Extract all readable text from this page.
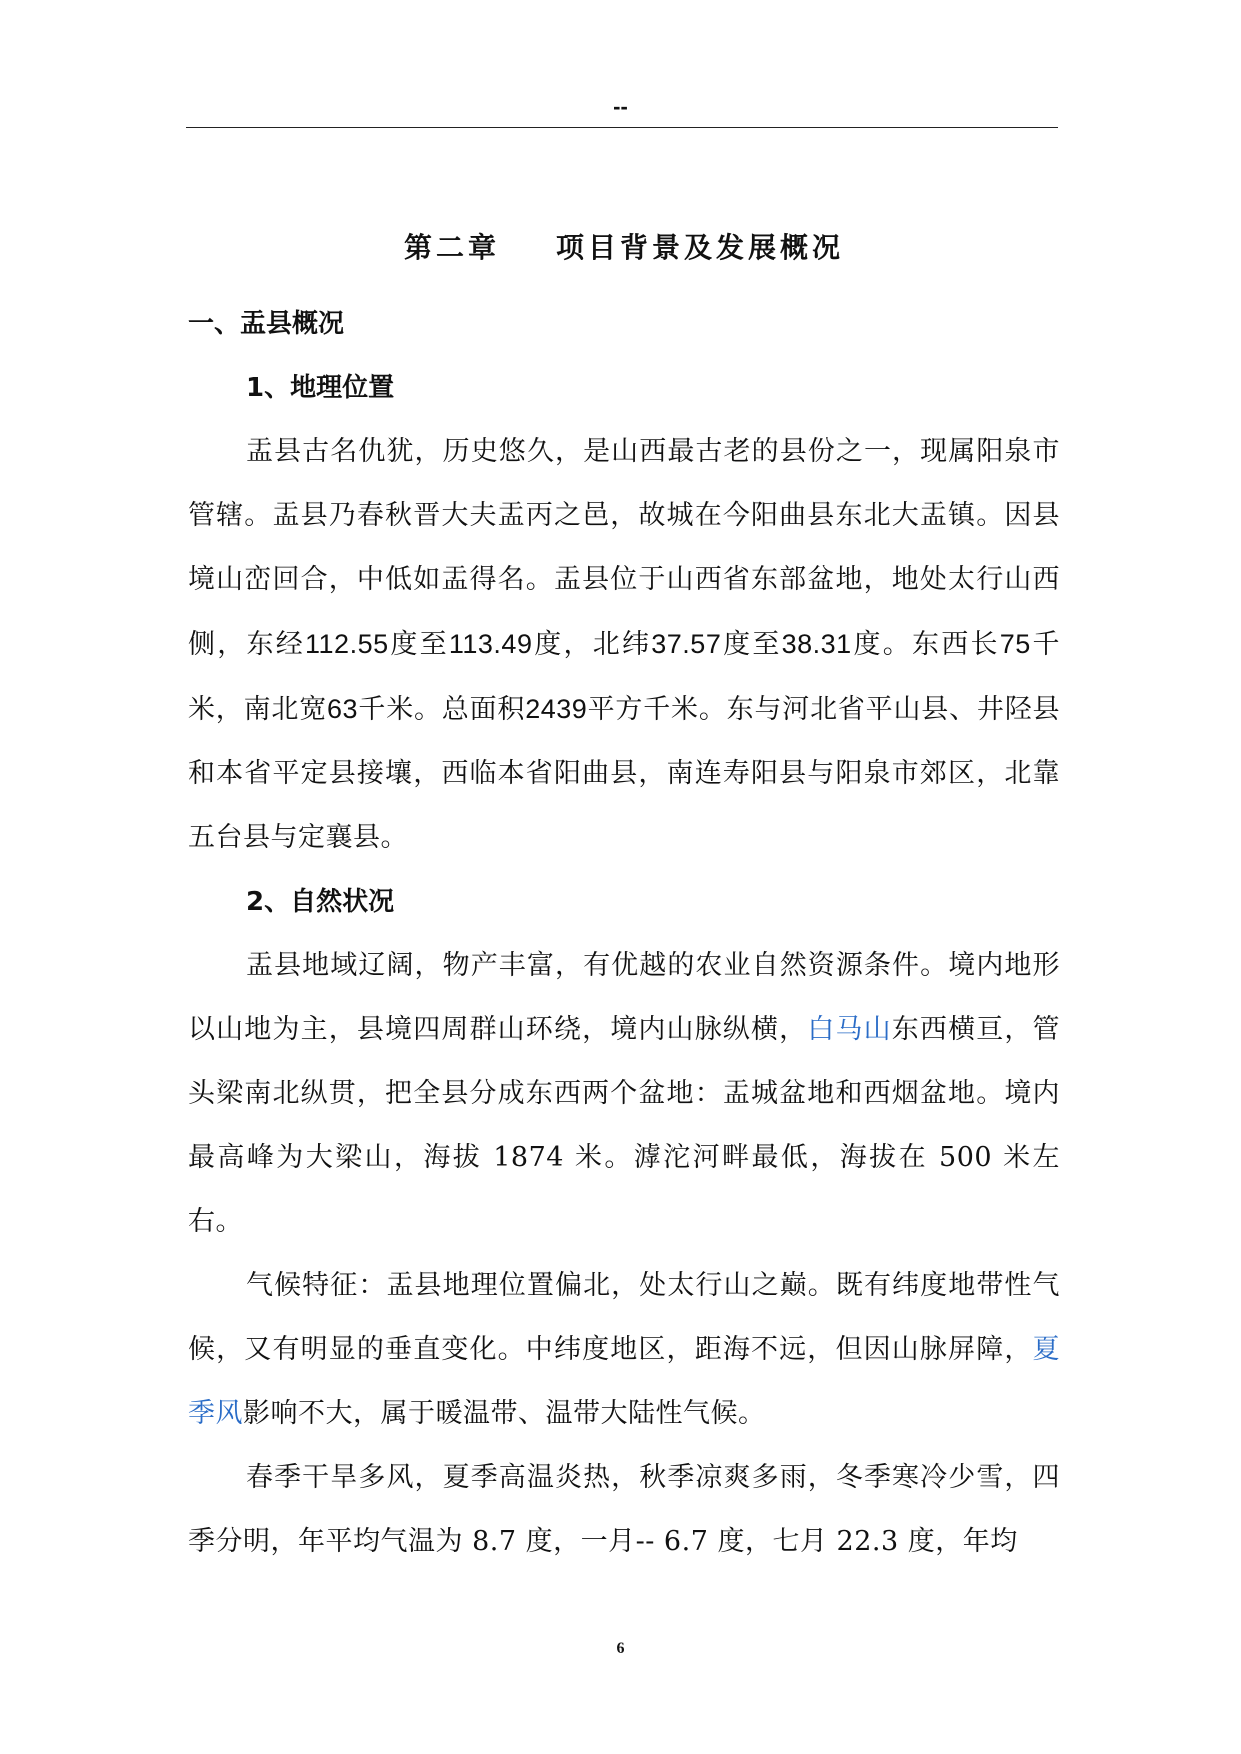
--
第二章 项目背景及发展概况

一、盂县概况

1、地理位置

盂县古名仇犹，历史悠久，是山西最古老的县份之一，现属阳泉市管辖。盂县乃春秋晋大夫盂丙之邑，故城在今阳曲县东北大盂镇。因县境山峦回合，中低如盂得名。盂县位于山西省东部盆地，地处太行山西侧，东经112.55度至113.49度，北纬37.57度至38.31度。东西长75千米，南北宽63千米。总面积2439平方千米。东与河北省平山县、井陉县和本省平定县接壤，西临本省阳曲县，南连寿阳县与阳泉市郊区，北靠五台县与定襄县。

2、自然状况

盂县地域辽阔，物产丰富，有优越的农业自然资源条件。境内地形以山地为主，县境四周群山环绕，境内山脉纵横，白马山东西横亘，管头梁南北纵贯，把全县分成东西两个盆地：盂城盆地和西烟盆地。境内最高峰为大梁山，海拔 1874 米。滹沱河畔最低，海拔在 500 米左右。

气候特征：盂县地理位置偏北，处太行山之巅。既有纬度地带性气候，又有明显的垂直变化。中纬度地区，距海不远，但因山脉屏障，夏季风影响不大，属于暖温带、温带大陆性气候。

春季干旱多风，夏季高温炎热，秋季凉爽多雨，冬季寒冷少雪，四季分明，年平均气温为 8.7 度，一月-- 6.7 度，七月 22.3 度，年均

6
